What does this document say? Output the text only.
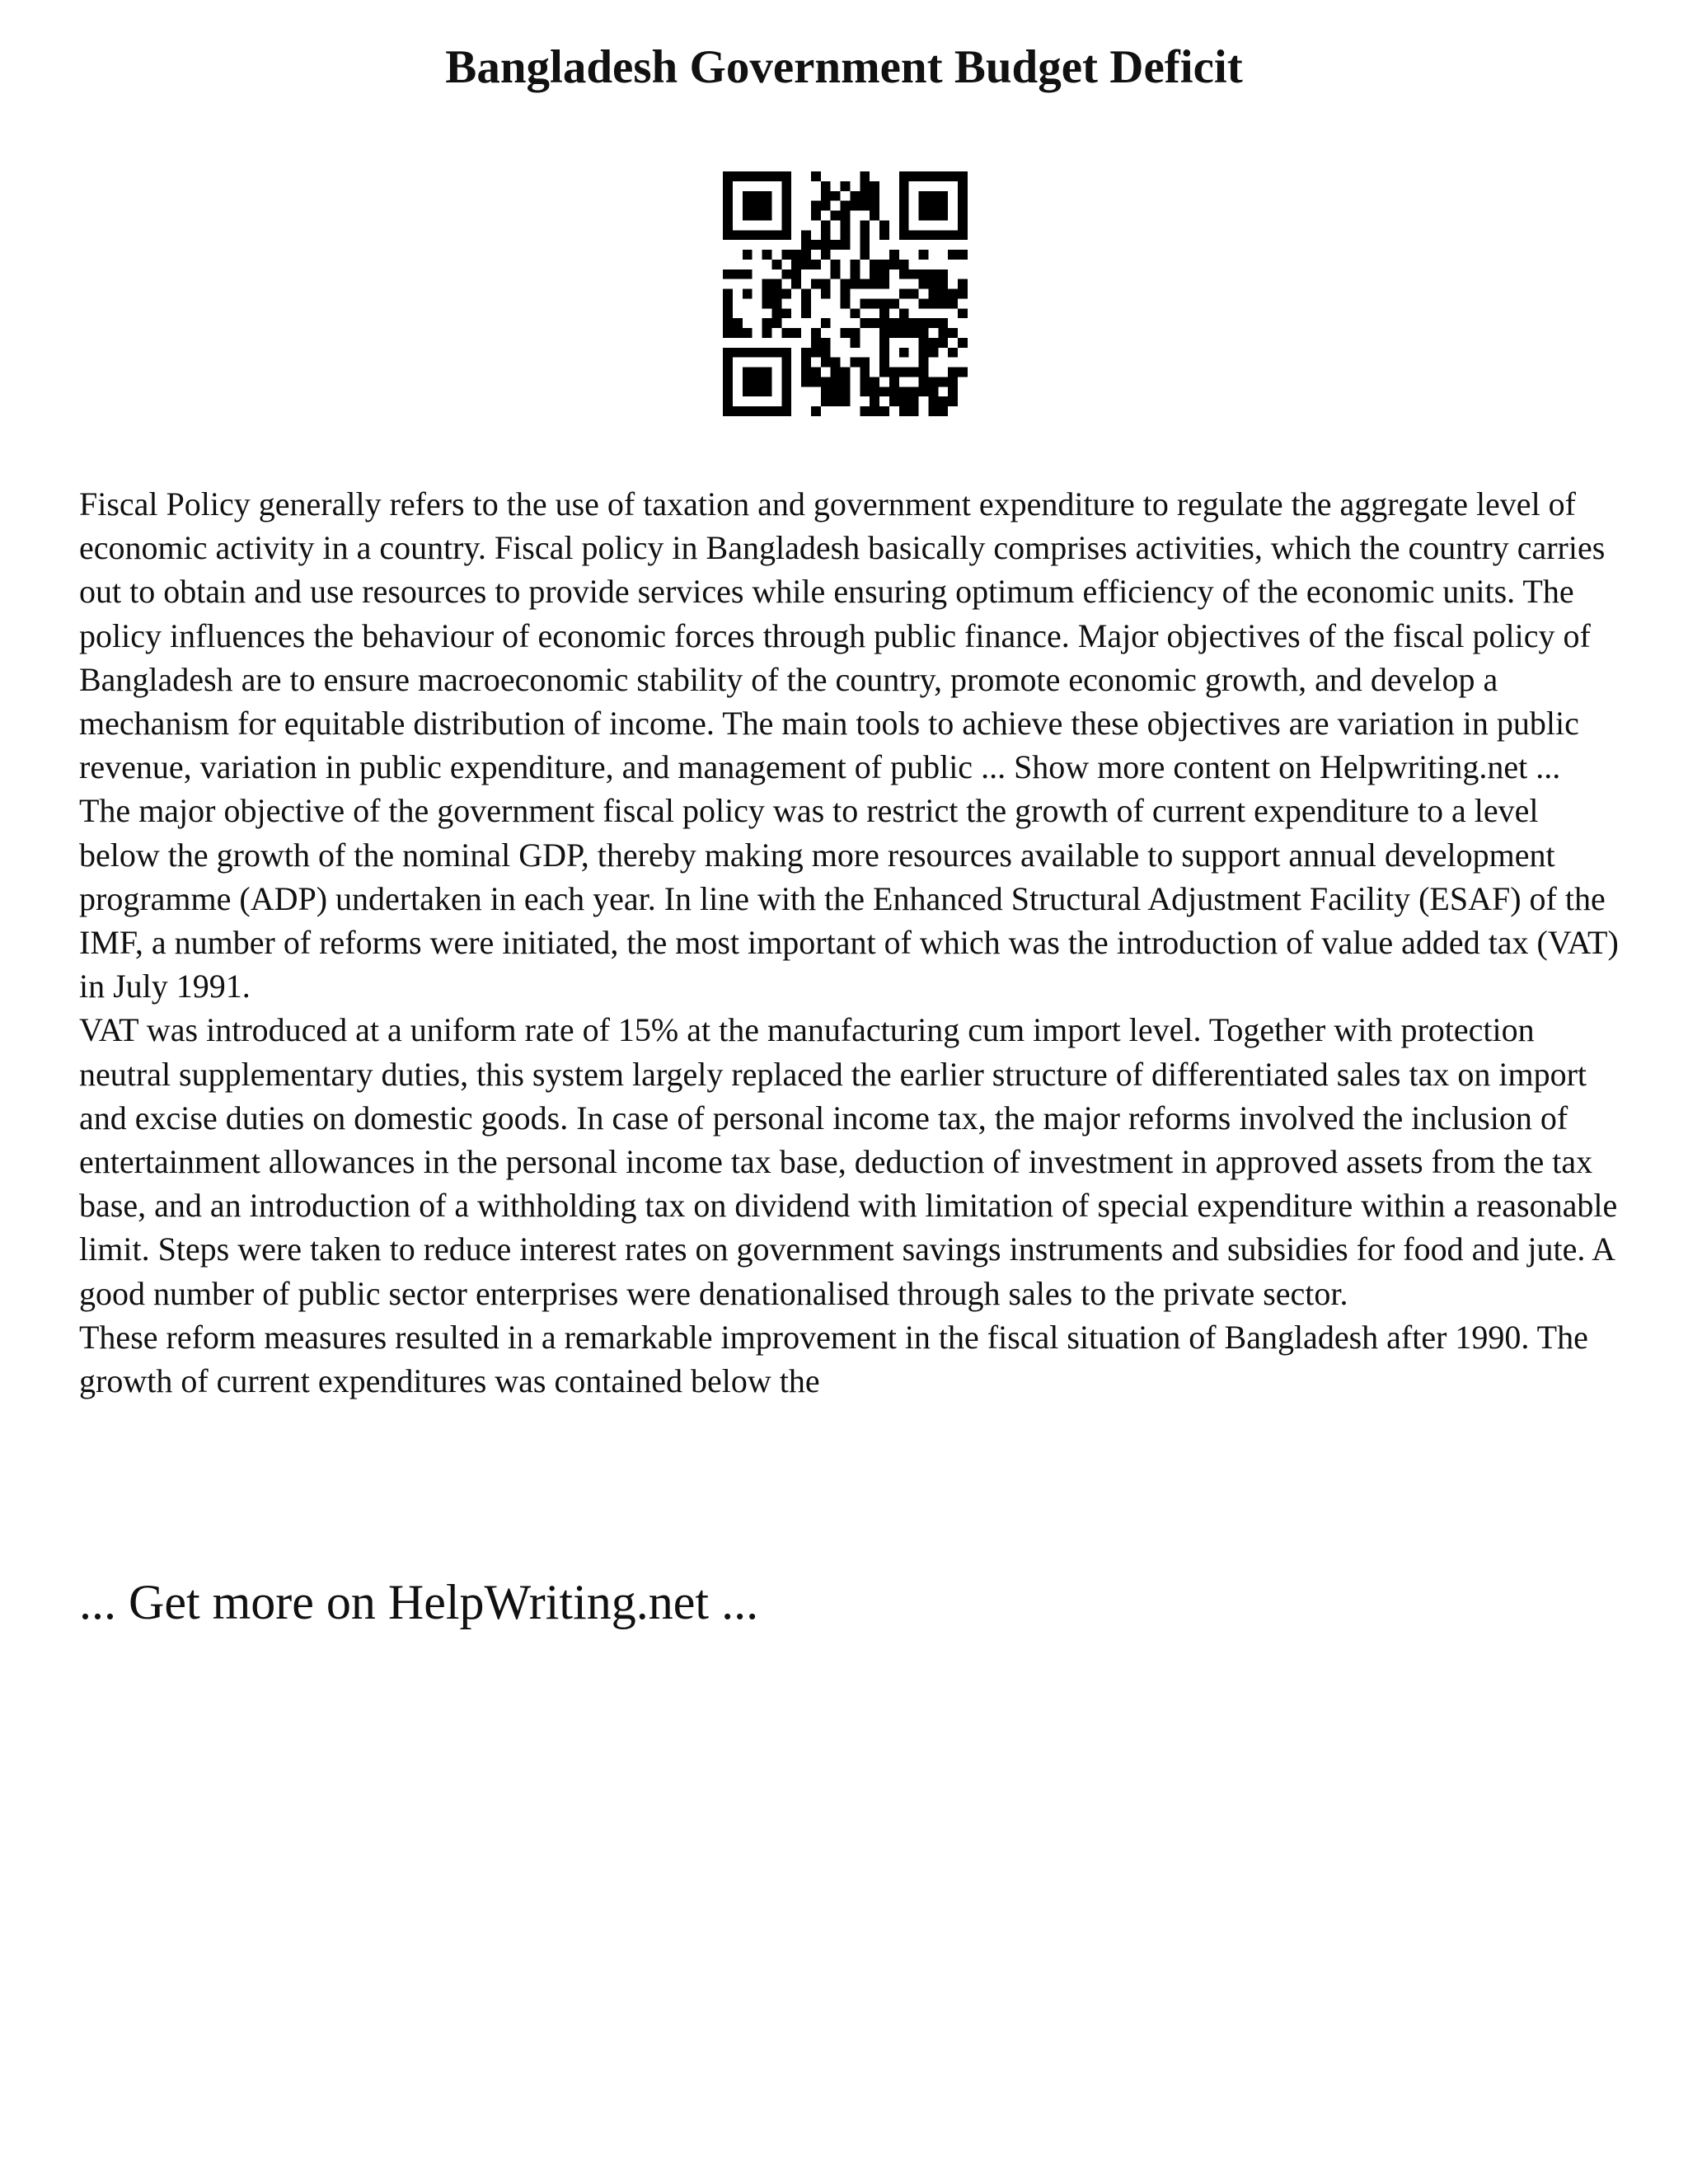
Bangladesh Government Budget Deficit

Fiscal Policy generally refers to the use of taxation and government expenditure to regulate the aggregate level of economic activity in a country. Fiscal policy in Bangladesh basically comprises activities, which the country carries out to obtain and use resources to provide services while ensuring optimum efficiency of the economic units. The policy influences the behaviour of economic forces through public finance. Major objectives of the fiscal policy of Bangladesh are to ensure macroeconomic stability of the country, promote economic growth, and develop a mechanism for equitable distribution of income. The main tools to achieve these objectives are variation in public revenue, variation in public expenditure, and management of public ... Show more content on Helpwriting.net ...

The major objective of the government fiscal policy was to restrict the growth of current expenditure to a level below the growth of the nominal GDP, thereby making more resources available to support annual development programme (ADP) undertaken in each year. In line with the Enhanced Structural Adjustment Facility (ESAF) of the IMF, a number of reforms were initiated, the most important of which was the introduction of value added tax (VAT) in July 1991.

VAT was introduced at a uniform rate of 15% at the manufacturing cum import level. Together with protection neutral supplementary duties, this system largely replaced the earlier structure of differentiated sales tax on import and excise duties on domestic goods. In case of personal income tax, the major reforms involved the inclusion of entertainment allowances in the personal income tax base, deduction of investment in approved assets from the tax base, and an introduction of a withholding tax on dividend with limitation of special expenditure within a reasonable limit. Steps were taken to reduce interest rates on government savings instruments and subsidies for food and jute. A good number of public sector enterprises were denationalised through sales to the private sector.

These reform measures resulted in a remarkable improvement in the fiscal situation of Bangladesh after 1990. The growth of current expenditures was contained below the

... Get more on HelpWriting.net ...
